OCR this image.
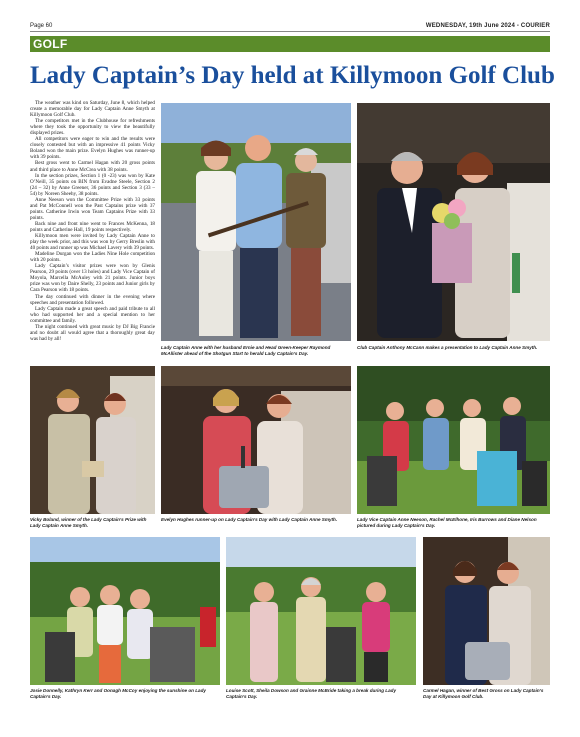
Page 60	WEDNESDAY, 19th June 2024 - COURIER
GOLF
Lady Captain’s Day held at Killymoon Golf Club

The weather was kind on Saturday, June 8, which helped create a memorable day for Lady Captain Anne Smyth at Killymoon Golf Club.

The competitors met in the Clubhouse for refreshments where they took the opportunity to view the beautifully displayed prizes.

All competitors were eager to win and the results were closely contested but with an impressive 41 points Vicky Boland won the main prize. Evelyn Hughes was runner-up with 39 points.

Best gross went to Carmel Hagan with 20 gross points and third place to Anne McCrea with 38 points.

In the section prizes, Section 1 (0 -23) was won by Kate O’Neill, 35 points on BIN from Evadne Steele, Section 2 (24 – 32) by Anne Greener, 36 points and Section 3 (33 – 54) by Noreen Sheehy, 38 points.

Anne Neeson won the Committee Prize with 33 points and Pat McConnell won the Past Captains prize with 37 points. Catherine Irwin won Team Captains Prize with 33 points.

Back nine and front nine went to Frances McKenna, 18 points and Catherine Hall, 19 points respectively.

Killymoon men were invited by Lady Captain Anne to play the week prior, and this was won by Gerry Breslin with 40 points and runner up was Michael Lavery with 39 points.

Madeline Durgan won the Ladies Nine Hole competition with 20 points.

Lady Captain’s visitor prizes were won by Glenis Pearson, 29 points (over 13 holes) and Lady Vice Captain of Moyola, Marcella McAuley with 21 points. Junior boys prize was won by Daire Shelly, 23 points and Junior girls by Cara Pearson with 18 points.

The day continued with dinner in the evening where speeches and presentation followed.

Lady Captain made a great speech and paid tribute to all who had supported her and a special mention to her committee and family.

The night continued with great music by DJ Big Francie and no doubt all would agree that a thoroughly great day was had by all!

Lady Captain Anne with her husband Ernie and Head Green-Keeper Raymond McAllister ahead of the Shotgun Start to herald Lady Captain’s Day.
Club Captain Anthony McCann makes a presentation to Lady Captain Anne Smyth.
Vicky Boland, winner of the Lady Captain’s Prize with Lady Captain Anne Smyth.
Evelyn Hughes runner-up on Lady Captain’s Day with Lady Captain Anne Smyth.	Lady Vice Captain Anne Neeson, Rachel McElhone, Iris Burrows and Diane Nelson pictured during Lady Captain’s Day.
Josie Donnelly, Kathryn Kerr and Oonagh McCoy enjoying the sunshine on Lady Captain’s Day.
Louise Scott, Sheila Dowson and Grainne McBride taking a break during Lady Captain’s Day.
Carmel Hagan, winner of Best Gross on Lady Captain’s Day at Killymoon Golf Club.
